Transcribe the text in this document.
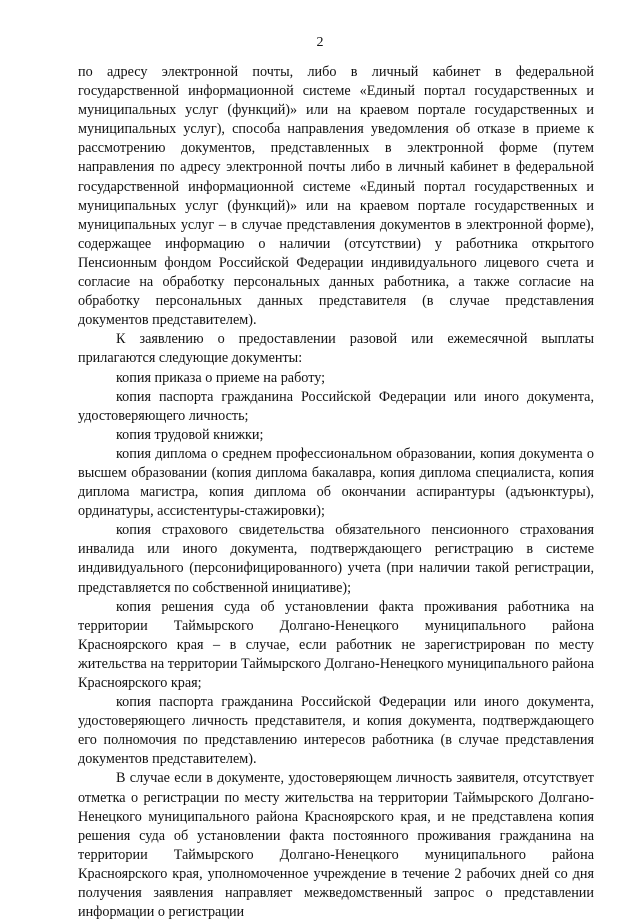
2

по адресу электронной почты, либо в личный кабинет в федеральной государственной информационной системе «Единый портал государственных и муниципальных услуг (функций)» или на краевом портале государственных и муниципальных услуг), способа направления уведомления об отказе в приеме к рассмотрению документов, представленных в электронной форме (путем направления по адресу электронной почты либо в личный кабинет в федеральной государственной информационной системе «Единый портал государственных и муниципальных услуг (функций)» или на краевом портале государственных и муниципальных услуг – в случае представления документов в электронной форме), содержащее информацию о наличии (отсутствии) у работника открытого Пенсионным фондом Российской Федерации индивидуального лицевого счета и согласие на обработку персональных данных работника, а также согласие на обработку персональных данных представителя (в случае представления документов представителем).

К заявлению о предоставлении разовой или ежемесячной выплаты прилагаются следующие документы:

копия приказа о приеме на работу;

копия паспорта гражданина Российской Федерации или иного документа, удостоверяющего личность;

копия трудовой книжки;

копия диплома о среднем профессиональном образовании, копия документа о высшем образовании (копия диплома бакалавра, копия диплома специалиста, копия диплома магистра, копия диплома об окончании аспирантуры (адъюнктуры), ординатуры, ассистентуры-стажировки);

копия страхового свидетельства обязательного пенсионного страхования инвалида или иного документа, подтверждающего регистрацию в системе индивидуального (персонифицированного) учета (при наличии такой регистрации, представляется по собственной инициативе);

копия решения суда об установлении факта проживания работника на территории Таймырского Долгано-Ненецкого муниципального района Красноярского края – в случае, если работник не зарегистрирован по месту жительства на территории Таймырского Долгано-Ненецкого муниципального района Красноярского края;

копия паспорта гражданина Российской Федерации или иного документа, удостоверяющего личность представителя, и копия документа, подтверждающего его полномочия по представлению интересов работника (в случае представления документов представителем).

В случае если в документе, удостоверяющем личность заявителя, отсутствует отметка о регистрации по месту жительства на территории Таймырского Долгано-Ненецкого муниципального района Красноярского края, и не представлена копия решения суда об установлении факта постоянного проживания гражданина на территории Таймырского Долгано-Ненецкого муниципального района Красноярского края, уполномоченное учреждение в течение 2 рабочих дней со дня получения заявления направляет межведомственный запрос о представлении информации о регистрации
